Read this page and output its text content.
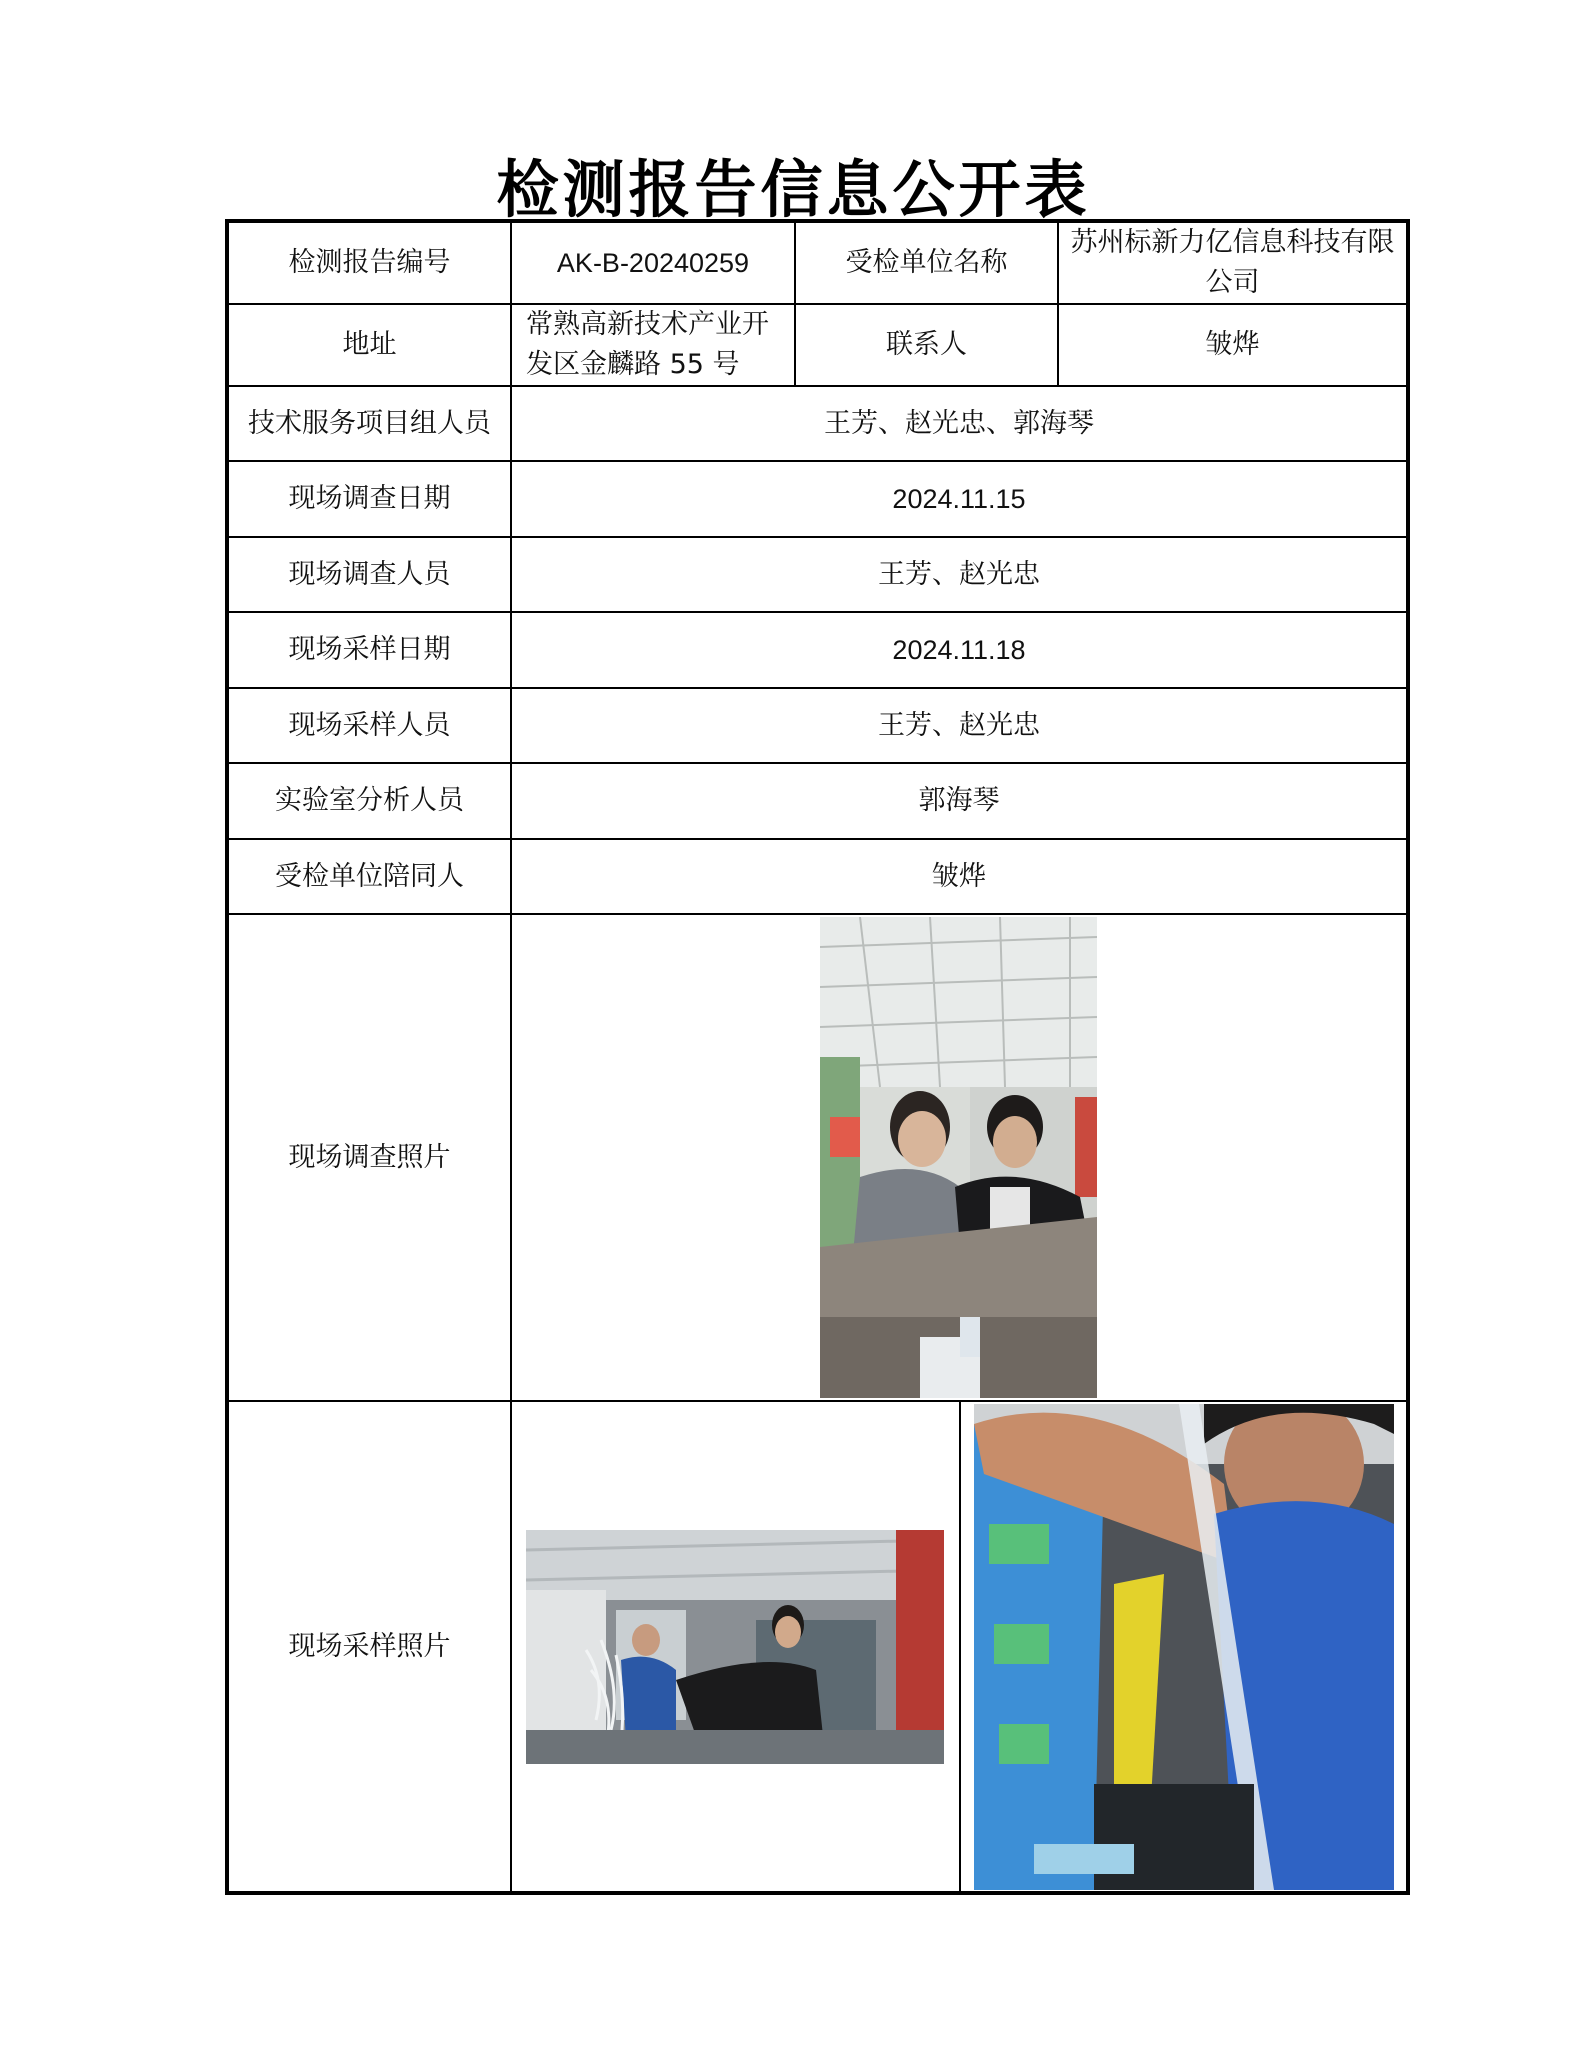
检测报告信息公开表
检测报告编号	AK-B-20240259	受检单位名称	苏州标新力亿信息科技有限公司
地址	常熟高新技术产业开发区金麟路 55 号	联系人	皱烨
技术服务项目组人员	王芳、赵光忠、郭海琴		
现场调查日期	2024.11.15		
现场调查人员	王芳、赵光忠		
现场采样日期	2024.11.18		
现场采样人员	王芳、赵光忠		
实验室分析人员	郭海琴		
受检单位陪同人	皱烨		
现场调查照片	

现场采样照片	
